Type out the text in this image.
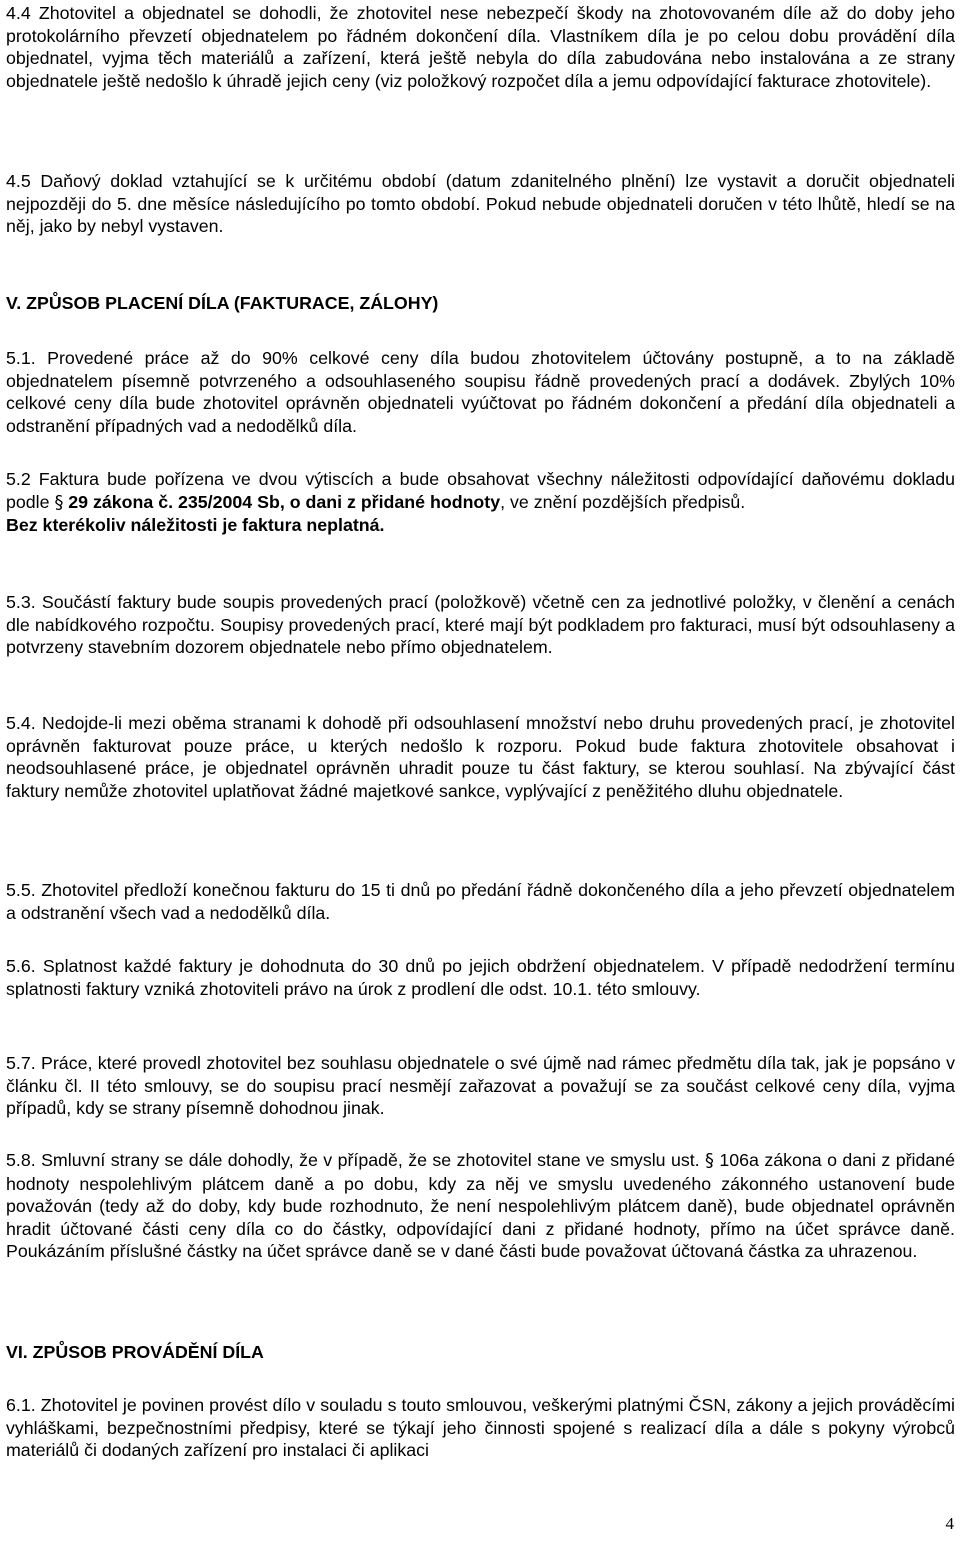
4.4 Zhotovitel a objednatel se dohodli, že zhotovitel nese nebezpečí škody na zhotovovaném díle až do doby jeho protokolárního převzetí objednatelem po řádném dokončení díla. Vlastníkem díla je po celou dobu provádění díla objednatel, vyjma těch materiálů a zařízení, která ještě nebyla do díla zabudována nebo instalována a ze strany objednatele ještě nedošlo k úhradě jejich ceny (viz položkový rozpočet díla a jemu odpovídající fakturace zhotovitele).

4.5 Daňový doklad vztahující se k určitému období (datum zdanitelného plnění) lze vystavit a doručit objednateli nejpozději do 5. dne měsíce následujícího po tomto období. Pokud nebude objednateli doručen v této lhůtě, hledí se na něj, jako by nebyl vystaven.

V. ZPŮSOB PLACENÍ DÍLA (FAKTURACE, ZÁLOHY)

5.1. Provedené práce až do 90% celkové ceny díla budou zhotovitelem účtovány postupně, a to na základě objednatelem písemně potvrzeného a odsouhlaseného soupisu řádně provedených prací a dodávek. Zbylých 10% celkové ceny díla bude zhotovitel oprávněn objednateli vyúčtovat po řádném dokončení a předání díla objednateli a odstranění případných vad a nedodělků díla.

5.2 Faktura bude pořízena ve dvou výtiscích a bude obsahovat všechny náležitosti odpovídající daňovému dokladu podle § 29 zákona č. 235/2004 Sb, o dani z přidané hodnoty, ve znění pozdějších předpisů.
Bez kterékoliv náležitosti je faktura neplatná.

5.3. Součástí faktury bude soupis provedených prací (položkově) včetně cen za jednotlivé položky, v členění a cenách dle nabídkového rozpočtu. Soupisy provedených prací, které mají být podkladem pro fakturaci, musí být odsouhlaseny a potvrzeny stavebním dozorem objednatele nebo přímo objednatelem.

5.4. Nedojde-li mezi oběma stranami k dohodě při odsouhlasení množství nebo druhu provedených prací, je zhotovitel oprávněn fakturovat pouze práce, u kterých nedošlo k rozporu. Pokud bude faktura zhotovitele obsahovat i neodsouhlasené práce, je objednatel oprávněn uhradit pouze tu část faktury, se kterou souhlasí. Na zbývající část faktury nemůže zhotovitel uplatňovat žádné majetkové sankce, vyplývající z peněžitého dluhu objednatele.

5.5. Zhotovitel předloží konečnou fakturu do 15 ti dnů po předání řádně dokončeného díla a jeho převzetí objednatelem a odstranění všech vad a nedodělků díla.

5.6. Splatnost každé faktury je dohodnuta do 30 dnů po jejich obdržení objednatelem. V případě nedodržení termínu splatnosti faktury vzniká zhotoviteli právo na úrok z prodlení dle odst. 10.1. této smlouvy.

5.7. Práce, které provedl zhotovitel bez souhlasu objednatele o své újmě nad rámec předmětu díla tak, jak je popsáno v článku čl. II této smlouvy, se do soupisu prací nesmějí zařazovat a považují se za součást celkové ceny díla, vyjma případů, kdy se strany písemně dohodnou jinak.

5.8. Smluvní strany se dále dohodly, že v případě, že se zhotovitel stane ve smyslu ust. § 106a zákona o dani z přidané hodnoty nespolehlivým plátcem daně a po dobu, kdy za něj ve smyslu uvedeného zákonného ustanovení bude považován (tedy až do doby, kdy bude rozhodnuto, že není nespolehlivým plátcem daně), bude objednatel oprávněn hradit účtované části ceny díla co do částky, odpovídající dani z přidané hodnoty, přímo na účet správce daně. Poukázáním příslušné částky na účet správce daně se v dané části bude považovat účtovaná částka za uhrazenou.

VI. ZPŮSOB PROVÁDĚNÍ DÍLA

6.1. Zhotovitel je povinen provést dílo v souladu s touto smlouvou, veškerými platnými ČSN, zákony a jejich prováděcími vyhláškami, bezpečnostními předpisy, které se týkají jeho činnosti spojené s realizací díla a dále s pokyny výrobců materiálů či dodaných zařízení pro instalaci či aplikaci

4
